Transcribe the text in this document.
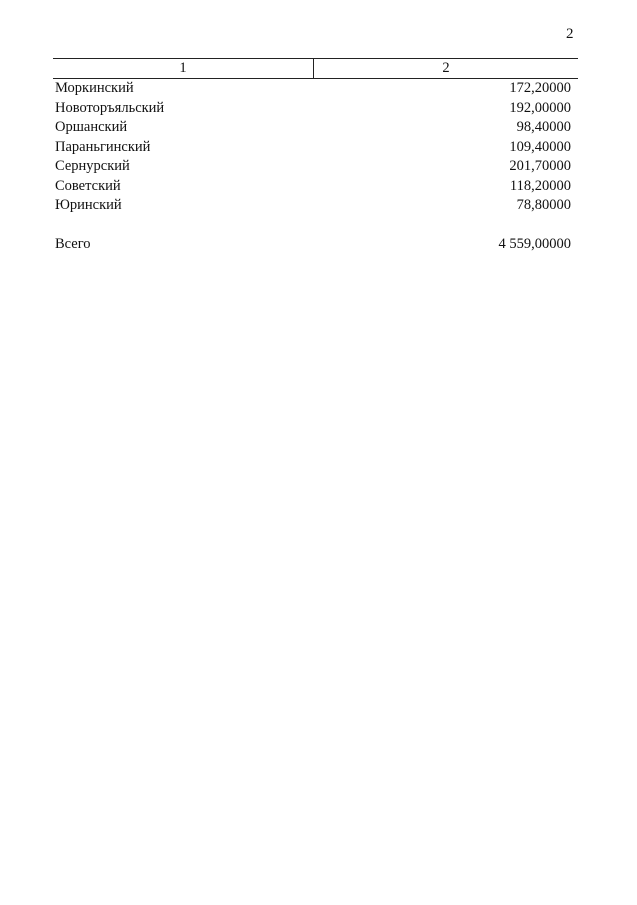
2
1	2
Моркинский	172,20000
Новоторъяльский	192,00000
Оршанский	98,40000
Параньгинский	109,40000
Сернурский	201,70000
Советский	118,20000
Юринский	78,80000
Всего	4 559,00000
